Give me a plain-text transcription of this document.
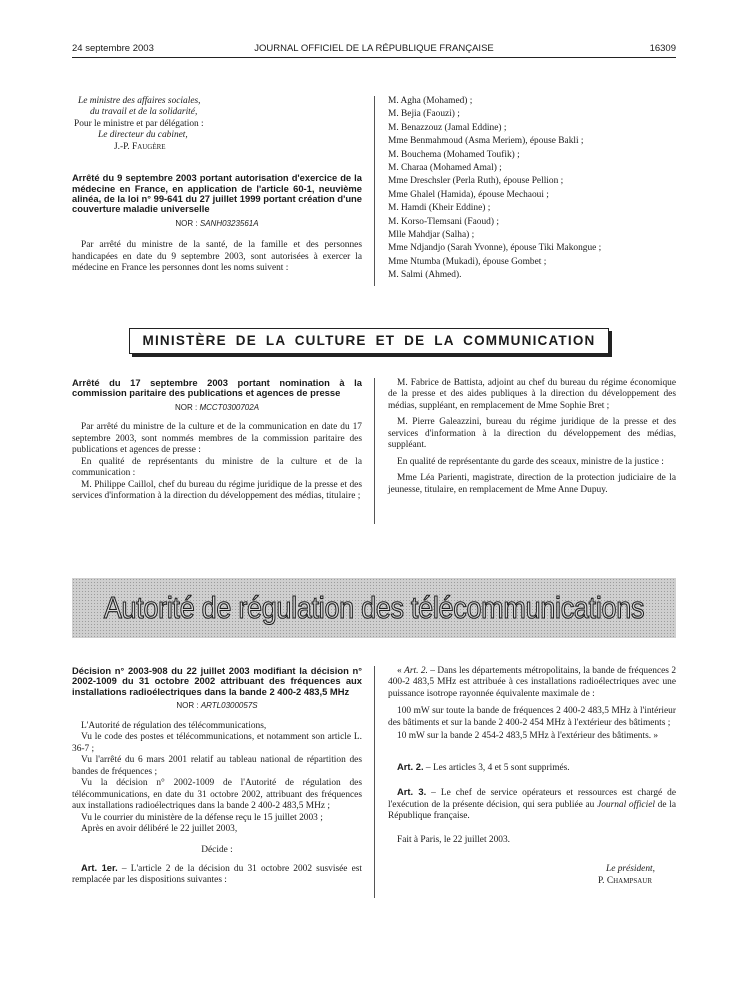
24 septembre 2003	JOURNAL OFFICIEL DE LA RÉPUBLIQUE FRANÇAISE	16309

Le ministre des affaires sociales,

du travail et de la solidarité,

Pour le ministre et par délégation :

Le directeur du cabinet,

J.-P. Faugère

Arrêté du 9 septembre 2003 portant autorisation d'exercice de la médecine en France, en application de l'article 60-1, neuvième alinéa, de la loi n° 99-641 du 27 juillet 1999 portant création d'une couverture maladie universelle

NOR : SANH0323561A

Par arrêté du ministre de la santé, de la famille et des personnes handicapées en date du 9 septembre 2003, sont autorisées à exercer la médecine en France les personnes dont les noms suivent :

M. Agha (Mohamed) ;

M. Bejia (Faouzi) ;

M. Benazzouz (Jamal Eddine) ;

Mme Benmahmoud (Asma Meriem), épouse Bakli ;

M. Bouchema (Mohamed Toufik) ;

M. Charaa (Mohamed Amal) ;

Mme Dreschsler (Perla Ruth), épouse Pellion ;

Mme Ghalel (Hamida), épouse Mechaoui ;

M. Hamdi (Kheir Eddine) ;

M. Korso-Tlemsani (Faoud) ;

Mlle Mahdjar (Salha) ;

Mme Ndjandjo (Sarah Yvonne), épouse Tiki Makongue ;

Mme Ntumba (Mukadi), épouse Gombet ;

M. Salmi (Ahmed).

MINISTÈRE DE LA CULTURE ET DE LA COMMUNICATION

Arrêté du 17 septembre 2003 portant nomination à la commission paritaire des publications et agences de presse

NOR : MCCT0300702A

Par arrêté du ministre de la culture et de la communication en date du 17 septembre 2003, sont nommés membres de la commission paritaire des publications et agences de presse :

En qualité de représentants du ministre de la culture et de la communication :

M. Philippe Caillol, chef du bureau du régime juridique de la presse et des services d'information à la direction du développement des médias, titulaire ;

M. Fabrice de Battista, adjoint au chef du bureau du régime économique de la presse et des aides publiques à la direction du développement des médias, suppléant, en remplacement de Mme Sophie Bret ;

M. Pierre Galeazzini, bureau du régime juridique de la presse et des services d'information à la direction du développement des médias, suppléant.

En qualité de représentante du garde des sceaux, ministre de la justice :

Mme Léa Parienti, magistrate, direction de la protection judiciaire de la jeunesse, titulaire, en remplacement de Mme Anne Dupuy.

Autorité de régulation des télécommunications

Décision n° 2003-908 du 22 juillet 2003 modifiant la décision n° 2002-1009 du 31 octobre 2002 attribuant des fréquences aux installations radioélectriques dans la bande 2 400-2 483,5 MHz

NOR : ARTL0300057S

L'Autorité de régulation des télécommunications,

Vu le code des postes et télécommunications, et notamment son article L. 36-7 ;

Vu l'arrêté du 6 mars 2001 relatif au tableau national de répartition des bandes de fréquences ;

Vu la décision n° 2002-1009 de l'Autorité de régulation des télécommunications, en date du 31 octobre 2002, attribuant des fréquences aux installations radioélectriques dans la bande 2 400-2 483,5 MHz ;

Vu le courrier du ministère de la défense reçu le 15 juillet 2003 ;

Après en avoir délibéré le 22 juillet 2003,

Décide :

Art. 1er. – L'article 2 de la décision du 31 octobre 2002 susvisée est remplacée par les dispositions suivantes :

« Art. 2. – Dans les départements métropolitains, la bande de fréquences 2 400-2 483,5 MHz est attribuée à ces installations radioélectriques avec une puissance isotrope rayonnée équivalente maximale de :

100 mW sur toute la bande de fréquences 2 400-2 483,5 MHz à l'intérieur des bâtiments et sur la bande 2 400-2 454 MHz à l'extérieur des bâtiments ;

10 mW sur la bande 2 454-2 483,5 MHz à l'extérieur des bâtiments. »

Art. 2. – Les articles 3, 4 et 5 sont supprimés.

Art. 3. – Le chef de service opérateurs et ressources est chargé de l'exécution de la présente décision, qui sera publiée au Journal officiel de la République française.

Fait à Paris, le 22 juillet 2003.

Le président,

P. Champsaur
